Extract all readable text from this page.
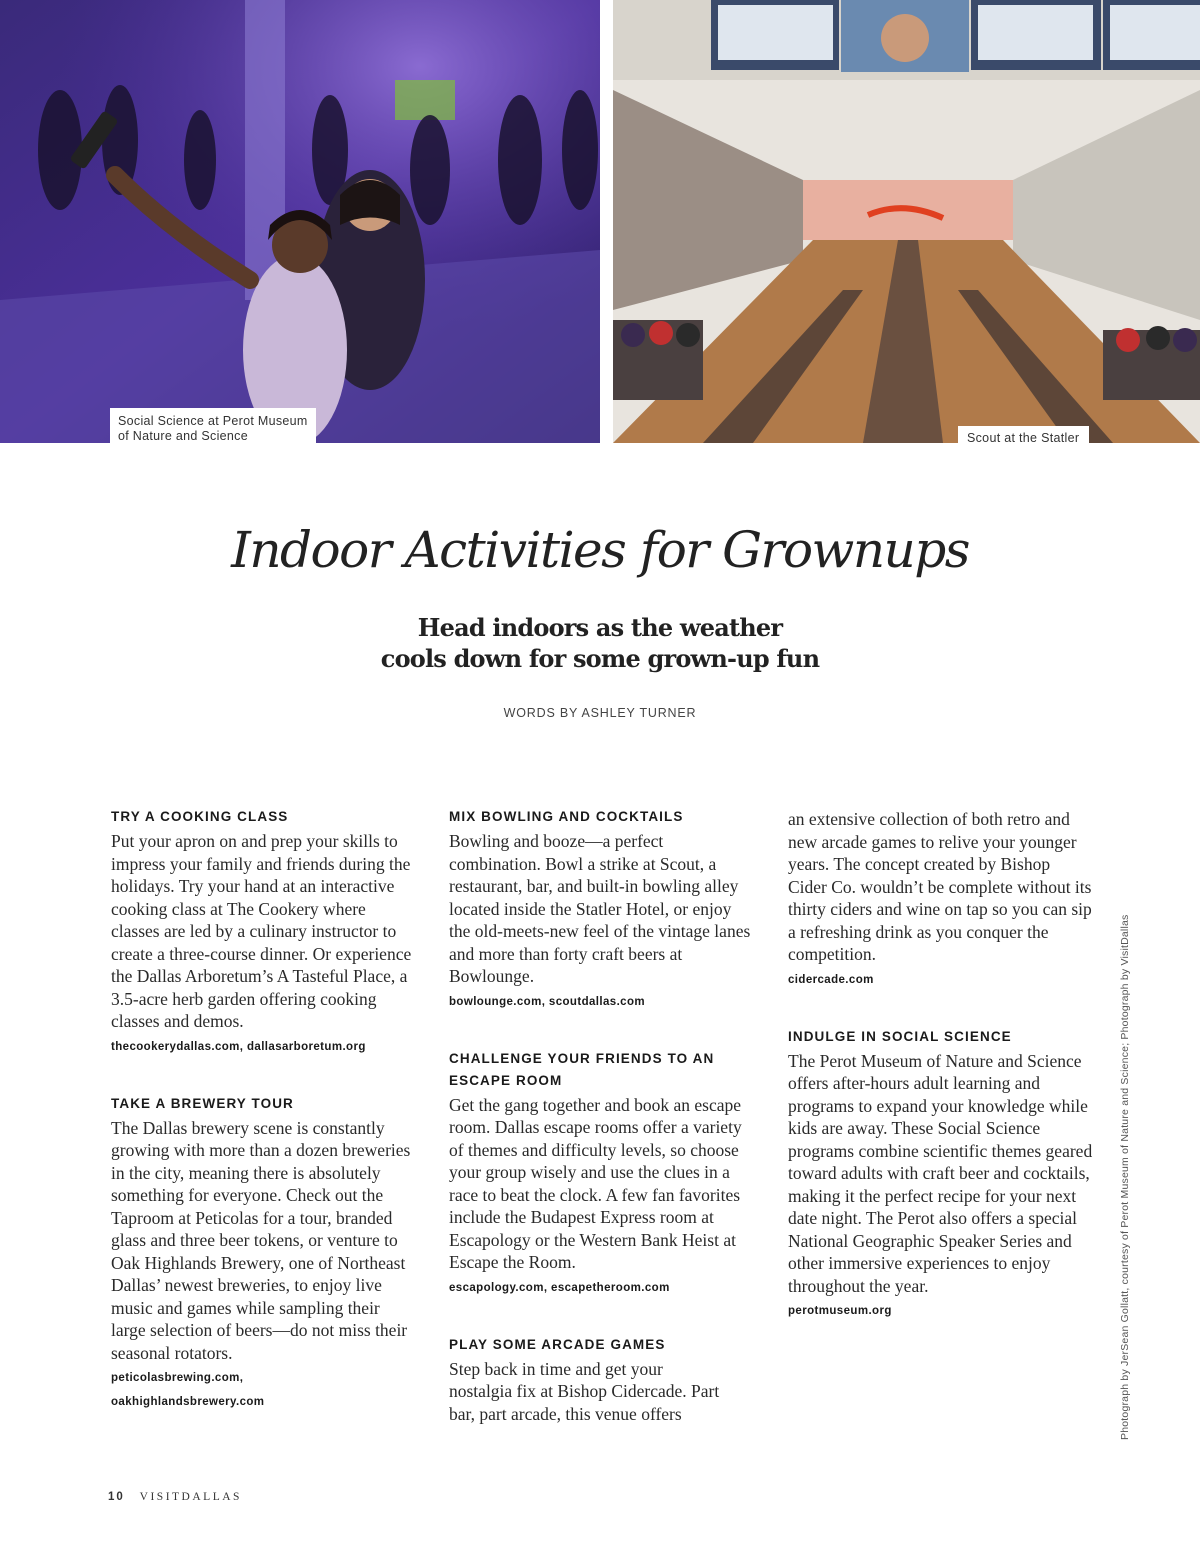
Social Science at Perot Museum of Nature and Science	Scout at the Statler
Indoor Activities for Grownups
Head indoors as the weather
cools down for some grown-up fun
WORDS BY ASHLEY TURNER

TRY A COOKING CLASS

Put your apron on and prep your skills to impress your family and friends during the holidays. Try your hand at an interactive cooking class at The Cookery where classes are led by a culinary instructor to create a three-course dinner. Or experience the Dallas Arboretum’s A Tasteful Place, a 3.5-acre herb garden offering cooking classes and demos.

thecookerydallas.com, dallasarboretum.org

TAKE A BREWERY TOUR

The Dallas brewery scene is constantly growing with more than a dozen breweries in the city, meaning there is absolutely something for everyone. Check out the Taproom at Peticolas for a tour, branded glass and three beer tokens, or venture to Oak Highlands Brewery, one of Northeast Dallas’ newest breweries, to enjoy live music and games while sampling their large selection of beers—do not miss their seasonal rotators.

peticolasbrewing.com,
oakhighlandsbrewery.com

MIX BOWLING AND COCKTAILS

Bowling and booze—a perfect combination. Bowl a strike at Scout, a restaurant, bar, and built-in bowling alley located inside the Statler Hotel, or enjoy the old-meets-new feel of the vintage lanes and more than forty craft beers at Bowlounge.

bowlounge.com, scoutdallas.com

CHALLENGE YOUR FRIENDS TO AN ESCAPE ROOM

Get the gang together and book an escape room. Dallas escape rooms offer a variety of themes and difficulty levels, so choose your group wisely and use the clues in a race to beat the clock. A few fan favorites include the Budapest Express room at Escapology or the Western Bank Heist at Escape the Room.

escapology.com, escapetheroom.com

PLAY SOME ARCADE GAMES

Step back in time and get your nostalgia fix at Bishop Cidercade. Part bar, part arcade, this venue offers

an extensive collection of both retro and new arcade games to relive your younger years. The concept created by Bishop Cider Co. wouldn’t be complete without its thirty ciders and wine on tap so you can sip a refreshing drink as you conquer the competition.

cidercade.com

INDULGE IN SOCIAL SCIENCE

The Perot Museum of Nature and Science offers after-hours adult learning and programs to expand your knowledge while kids are away. These Social Science programs combine scientific themes geared toward adults with craft beer and cocktails, making it the perfect recipe for your next date night. The Perot also offers a special National Geographic Speaker Series and other immersive experiences to enjoy throughout the year.

perotmuseum.org	Photograph by JerSean Gollatt, courtesy of Perot Museum of Nature and Science; Photograph by VisitDallas
10 VISITDALLAS
